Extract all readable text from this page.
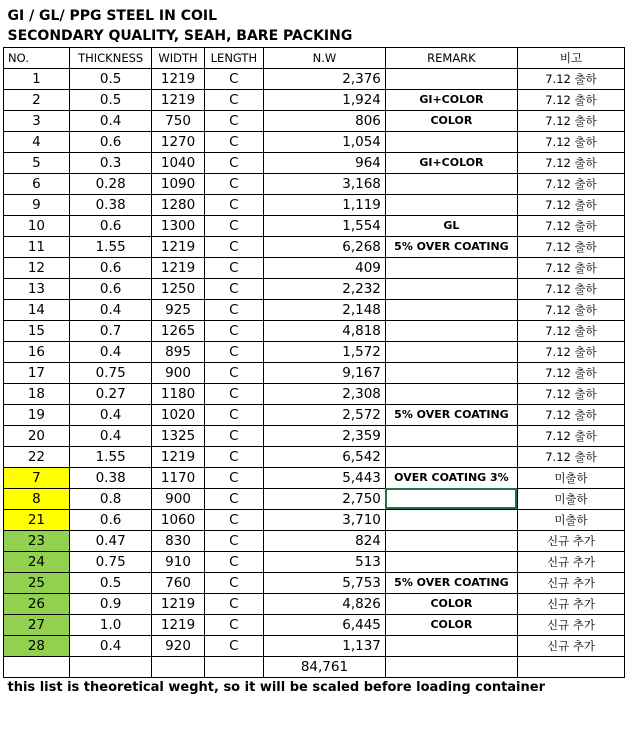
GI / GL/ PPG STEEL IN COIL						
SECONDARY QUALITY, SEAH, BARE PACKING						
NO.	THICKNESS	WIDTH	LENGTH	N.W	REMARK	비고
1	0.5	1219	C	2,376		7.12 출하
2	0.5	1219	C	1,924	GI+COLOR	7.12 출하
3	0.4	750	C	806	COLOR	7.12 출하
4	0.6	1270	C	1,054		7.12 출하
5	0.3	1040	C	964	GI+COLOR	7.12 출하
6	0.28	1090	C	3,168		7.12 출하
9	0.38	1280	C	1,119		7.12 출하
10	0.6	1300	C	1,554	GL	7.12 출하
11	1.55	1219	C	6,268	5% OVER COATING	7.12 출하
12	0.6	1219	C	409		7.12 출하
13	0.6	1250	C	2,232		7.12 출하
14	0.4	925	C	2,148		7.12 출하
15	0.7	1265	C	4,818		7.12 출하
16	0.4	895	C	1,572		7.12 출하
17	0.75	900	C	9,167		7.12 출하
18	0.27	1180	C	2,308		7.12 출하
19	0.4	1020	C	2,572	5% OVER COATING	7.12 출하
20	0.4	1325	C	2,359		7.12 출하
22	1.55	1219	C	6,542		7.12 출하
7	0.38	1170	C	5,443	OVER COATING 3%	미출하
8	0.8	900	C	2,750		미출하
21	0.6	1060	C	3,710		미출하
23	0.47	830	C	824		신규 추가
24	0.75	910	C	513		신규 추가
25	0.5	760	C	5,753	5% OVER COATING	신규 추가
26	0.9	1219	C	4,826	COLOR	신규 추가
27	1.0	1219	C	6,445	COLOR	신규 추가
28	0.4	920	C	1,137		신규 추가
				84,761		
this list is theoretical weght, so it will be scaled before loading container						
